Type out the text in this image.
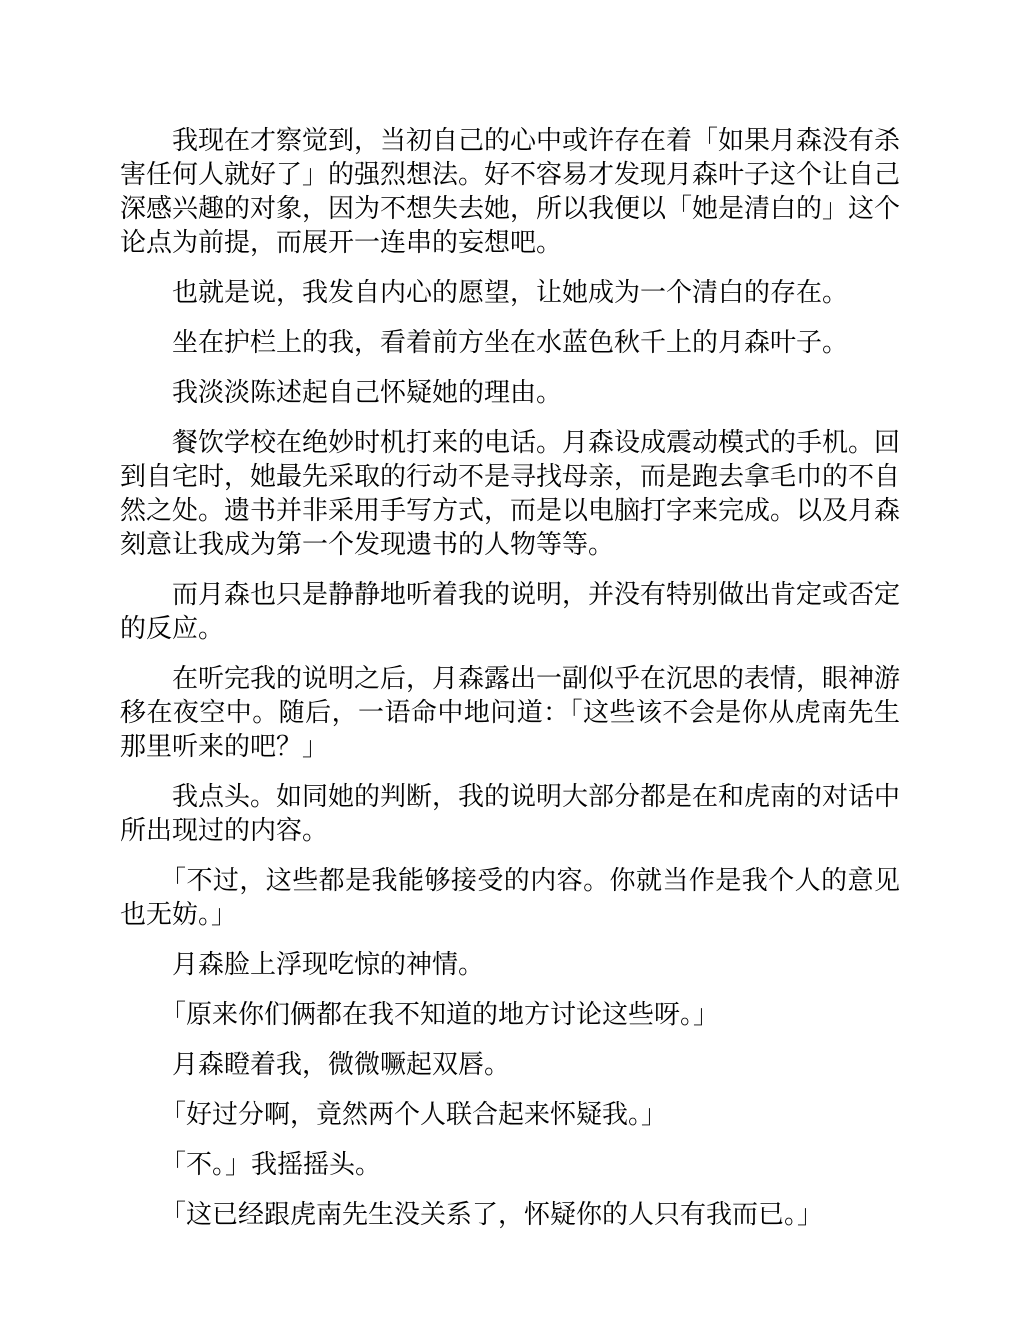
我现在才察觉到，当初自己的心中或许存在着「如果月森没有杀害任何人就好了」的强烈想法。好不容易才发现月森叶子这个让自己深感兴趣的对象，因为不想失去她，所以我便以「她是清白的」这个论点为前提，而展开一连串的妄想吧。

也就是说，我发自内心的愿望，让她成为一个清白的存在。

坐在护栏上的我，看着前方坐在水蓝色秋千上的月森叶子。

我淡淡陈述起自己怀疑她的理由。

餐饮学校在绝妙时机打来的电话。月森设成震动模式的手机。回到自宅时，她最先采取的行动不是寻找母亲，而是跑去拿毛巾的不自然之处。遗书并非采用手写方式，而是以电脑打字来完成。以及月森刻意让我成为第一个发现遗书的人物等等。

而月森也只是静静地听着我的说明，并没有特别做出肯定或否定的反应。

在听完我的说明之后，月森露出一副似乎在沉思的表情，眼神游移在夜空中。随后，一语命中地问道：「这些该不会是你从虎南先生那里听来的吧？」

我点头。如同她的判断，我的说明大部分都是在和虎南的对话中所出现过的内容。

「不过，这些都是我能够接受的内容。你就当作是我个人的意见也无妨。」

月森脸上浮现吃惊的神情。

「原来你们俩都在我不知道的地方讨论这些呀。」

月森瞪着我，微微噘起双唇。

「好过分啊，竟然两个人联合起来怀疑我。」

「不。」我摇摇头。

「这已经跟虎南先生没关系了，怀疑你的人只有我而已。」
